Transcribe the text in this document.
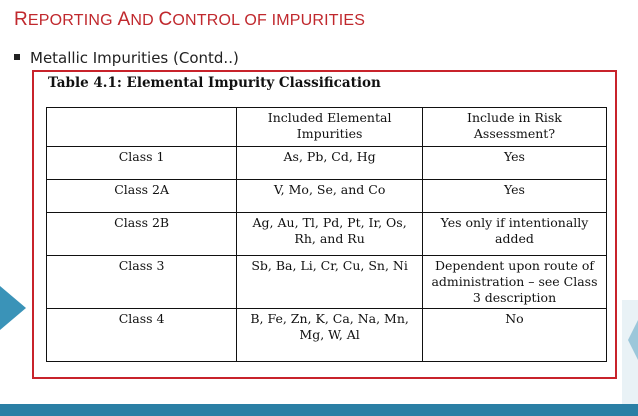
REPORTING AND CONTROL OF IMPURITIES
Metallic Impurities (Contd..)
Table 4.1: Elemental Impurity Classification
	Included Elemental Impurities	Include in Risk Assessment?
Class 1	As, Pb, Cd, Hg	Yes
Class 2A	V, Mo, Se, and Co	Yes
Class 2B	Ag, Au, Tl, Pd, Pt, Ir, Os, Rh, and Ru	Yes only if intentionally added
Class 3	Sb, Ba, Li, Cr, Cu, Sn, Ni	Dependent upon route of administration – see Class 3 description
Class 4	B, Fe, Zn, K, Ca, Na, Mn, Mg, W, Al	No
